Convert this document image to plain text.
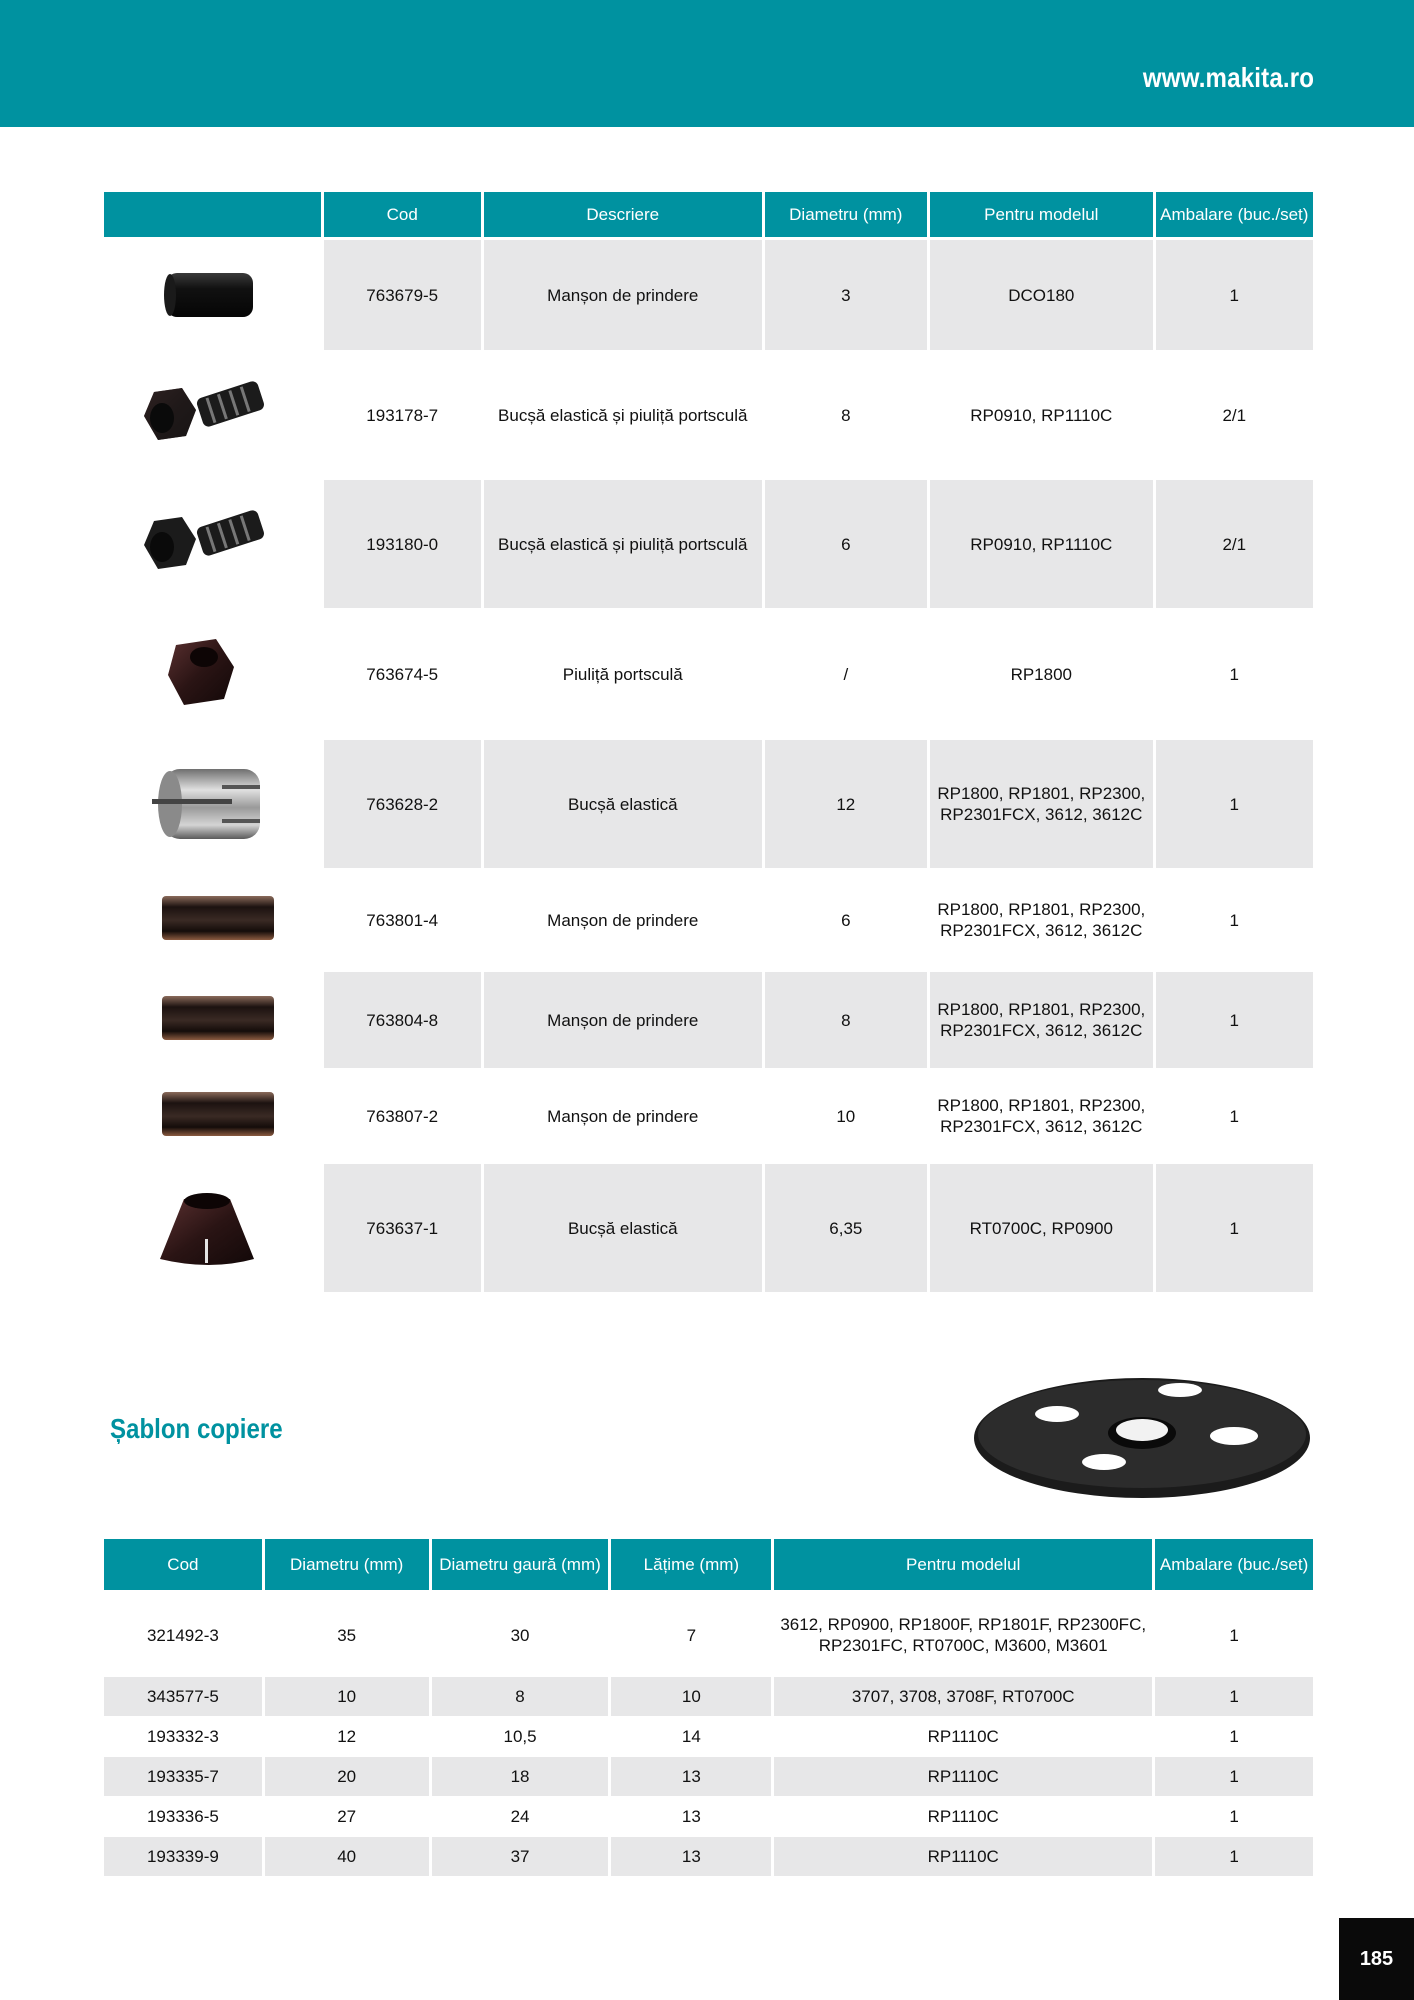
www.makita.ro
	Cod	Descriere	Diametru (mm)	Pentru modelul	Ambalare (buc./set)
	763679-5	Manșon de prindere	3	DCO180	1
	193178-7	Bucșă elastică și piuliță portsculă	8	RP0910, RP1110C	2/1
	193180-0	Bucșă elastică și piuliță portsculă	6	RP0910, RP1110C	2/1
	763674-5	Piuliță portsculă	/	RP1800	1
	763628-2	Bucșă elastică	12	RP1800, RP1801, RP2300, RP2301FCX, 3612, 3612C	1
	763801-4	Manșon de prindere	6	RP1800, RP1801, RP2300, RP2301FCX, 3612, 3612C	1
	763804-8	Manșon de prindere	8	RP1800, RP1801, RP2300, RP2301FCX, 3612, 3612C	1
	763807-2	Manșon de prindere	10	RP1800, RP1801, RP2300, RP2301FCX, 3612, 3612C	1
	763637-1	Bucșă elastică	6,35	RT0700C, RP0900	1
Șablon copiere
Cod	Diametru (mm)	Diametru gaură (mm)	Lățime (mm)	Pentru modelul	Ambalare (buc./set)
321492-3	35	30	7	3612, RP0900, RP1800F, RP1801F, RP2300FC, RP2301FC, RT0700C, M3600, M3601	1
343577-5	10	8	10	3707, 3708, 3708F, RT0700C	1
193332-3	12	10,5	14	RP1110C	1
193335-7	20	18	13	RP1110C	1
193336-5	27	24	13	RP1110C	1
193339-9	40	37	13	RP1110C	1
185
